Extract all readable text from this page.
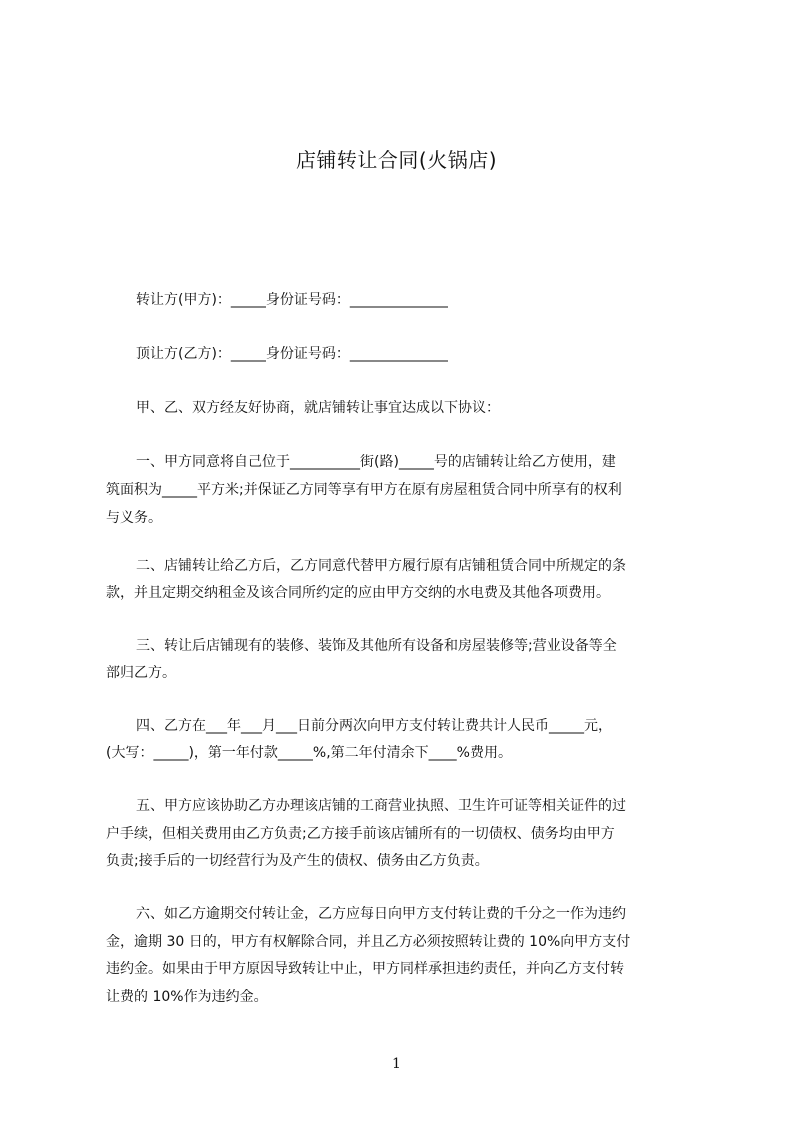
店铺转让合同(火锅店)
转让方(甲方)：_____身份证号码：______________
顶让方(乙方)：_____身份证号码：______________
甲、乙、双方经友好协商，就店铺转让事宜达成以下协议：
一、甲方同意将自己位于__________街(路)_____号的店铺转让给乙方使用，建
筑面积为_____平方米;并保证乙方同等享有甲方在原有房屋租赁合同中所享有的权利
与义务。
二、店铺转让给乙方后，乙方同意代替甲方履行原有店铺租赁合同中所规定的条
款，并且定期交纳租金及该合同所约定的应由甲方交纳的水电费及其他各项费用。
三、转让后店铺现有的装修、装饰及其他所有设备和房屋装修等;营业设备等全
部归乙方。
四、乙方在___年___月___日前分两次向甲方支付转让费共计人民币_____元，
(大写：_____)，第一年付款_____%,第二年付清余下____%费用。
五、甲方应该协助乙方办理该店铺的工商营业执照、卫生许可证等相关证件的过
户手续，但相关费用由乙方负责;乙方接手前该店铺所有的一切债权、债务均由甲方
负责;接手后的一切经营行为及产生的债权、债务由乙方负责。
六、如乙方逾期交付转让金，乙方应每日向甲方支付转让费的千分之一作为违约
金，逾期 30 日的，甲方有权解除合同，并且乙方必须按照转让费的 10%向甲方支付
违约金。如果由于甲方原因导致转让中止，甲方同样承担违约责任，并向乙方支付转
让费的 10%作为违约金。
1
